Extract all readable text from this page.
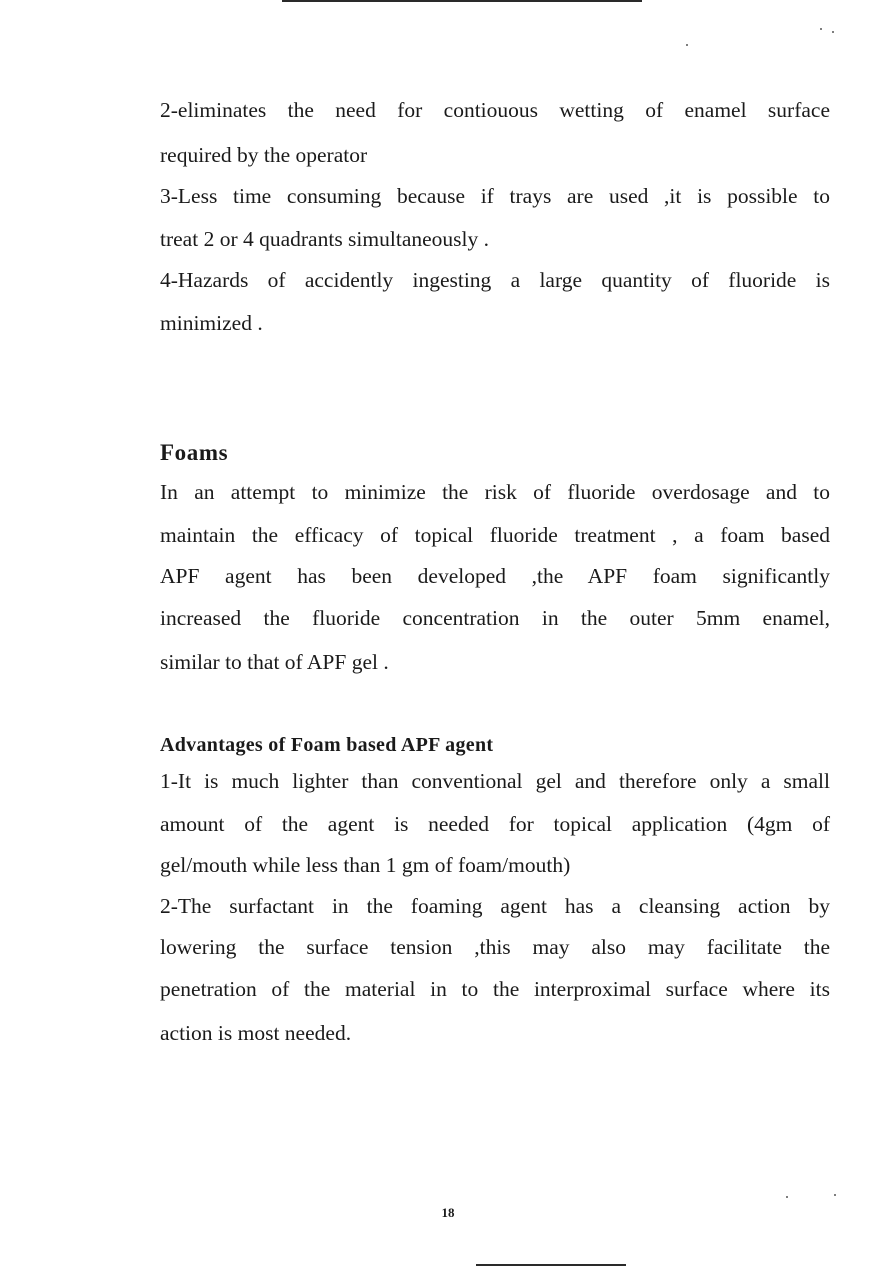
2-eliminates the need for contiouous wetting of enamel surface
required by the operator
3-Less time consuming because if trays are used ,it is possible to
treat 2 or 4 quadrants simultaneously .
4-Hazards of accidently ingesting a large quantity of fluoride is
minimized .
Foams
In an attempt to minimize the risk of fluoride overdosage and to
maintain the efficacy of topical fluoride treatment , a foam based
APF agent has been developed ,the APF foam significantly
increased the fluoride concentration in the outer 5mm enamel,
similar to that of APF gel .
Advantages of Foam based APF agent
1-It is much lighter than conventional gel and therefore only a small
amount of the agent is needed for topical application (4gm of
gel/mouth while less than 1 gm of foam/mouth)
2-The surfactant in the foaming agent has a cleansing action by
lowering the surface tension ,this may also may facilitate the
penetration of the material in to the interproximal surface where its
action is most needed.
18
